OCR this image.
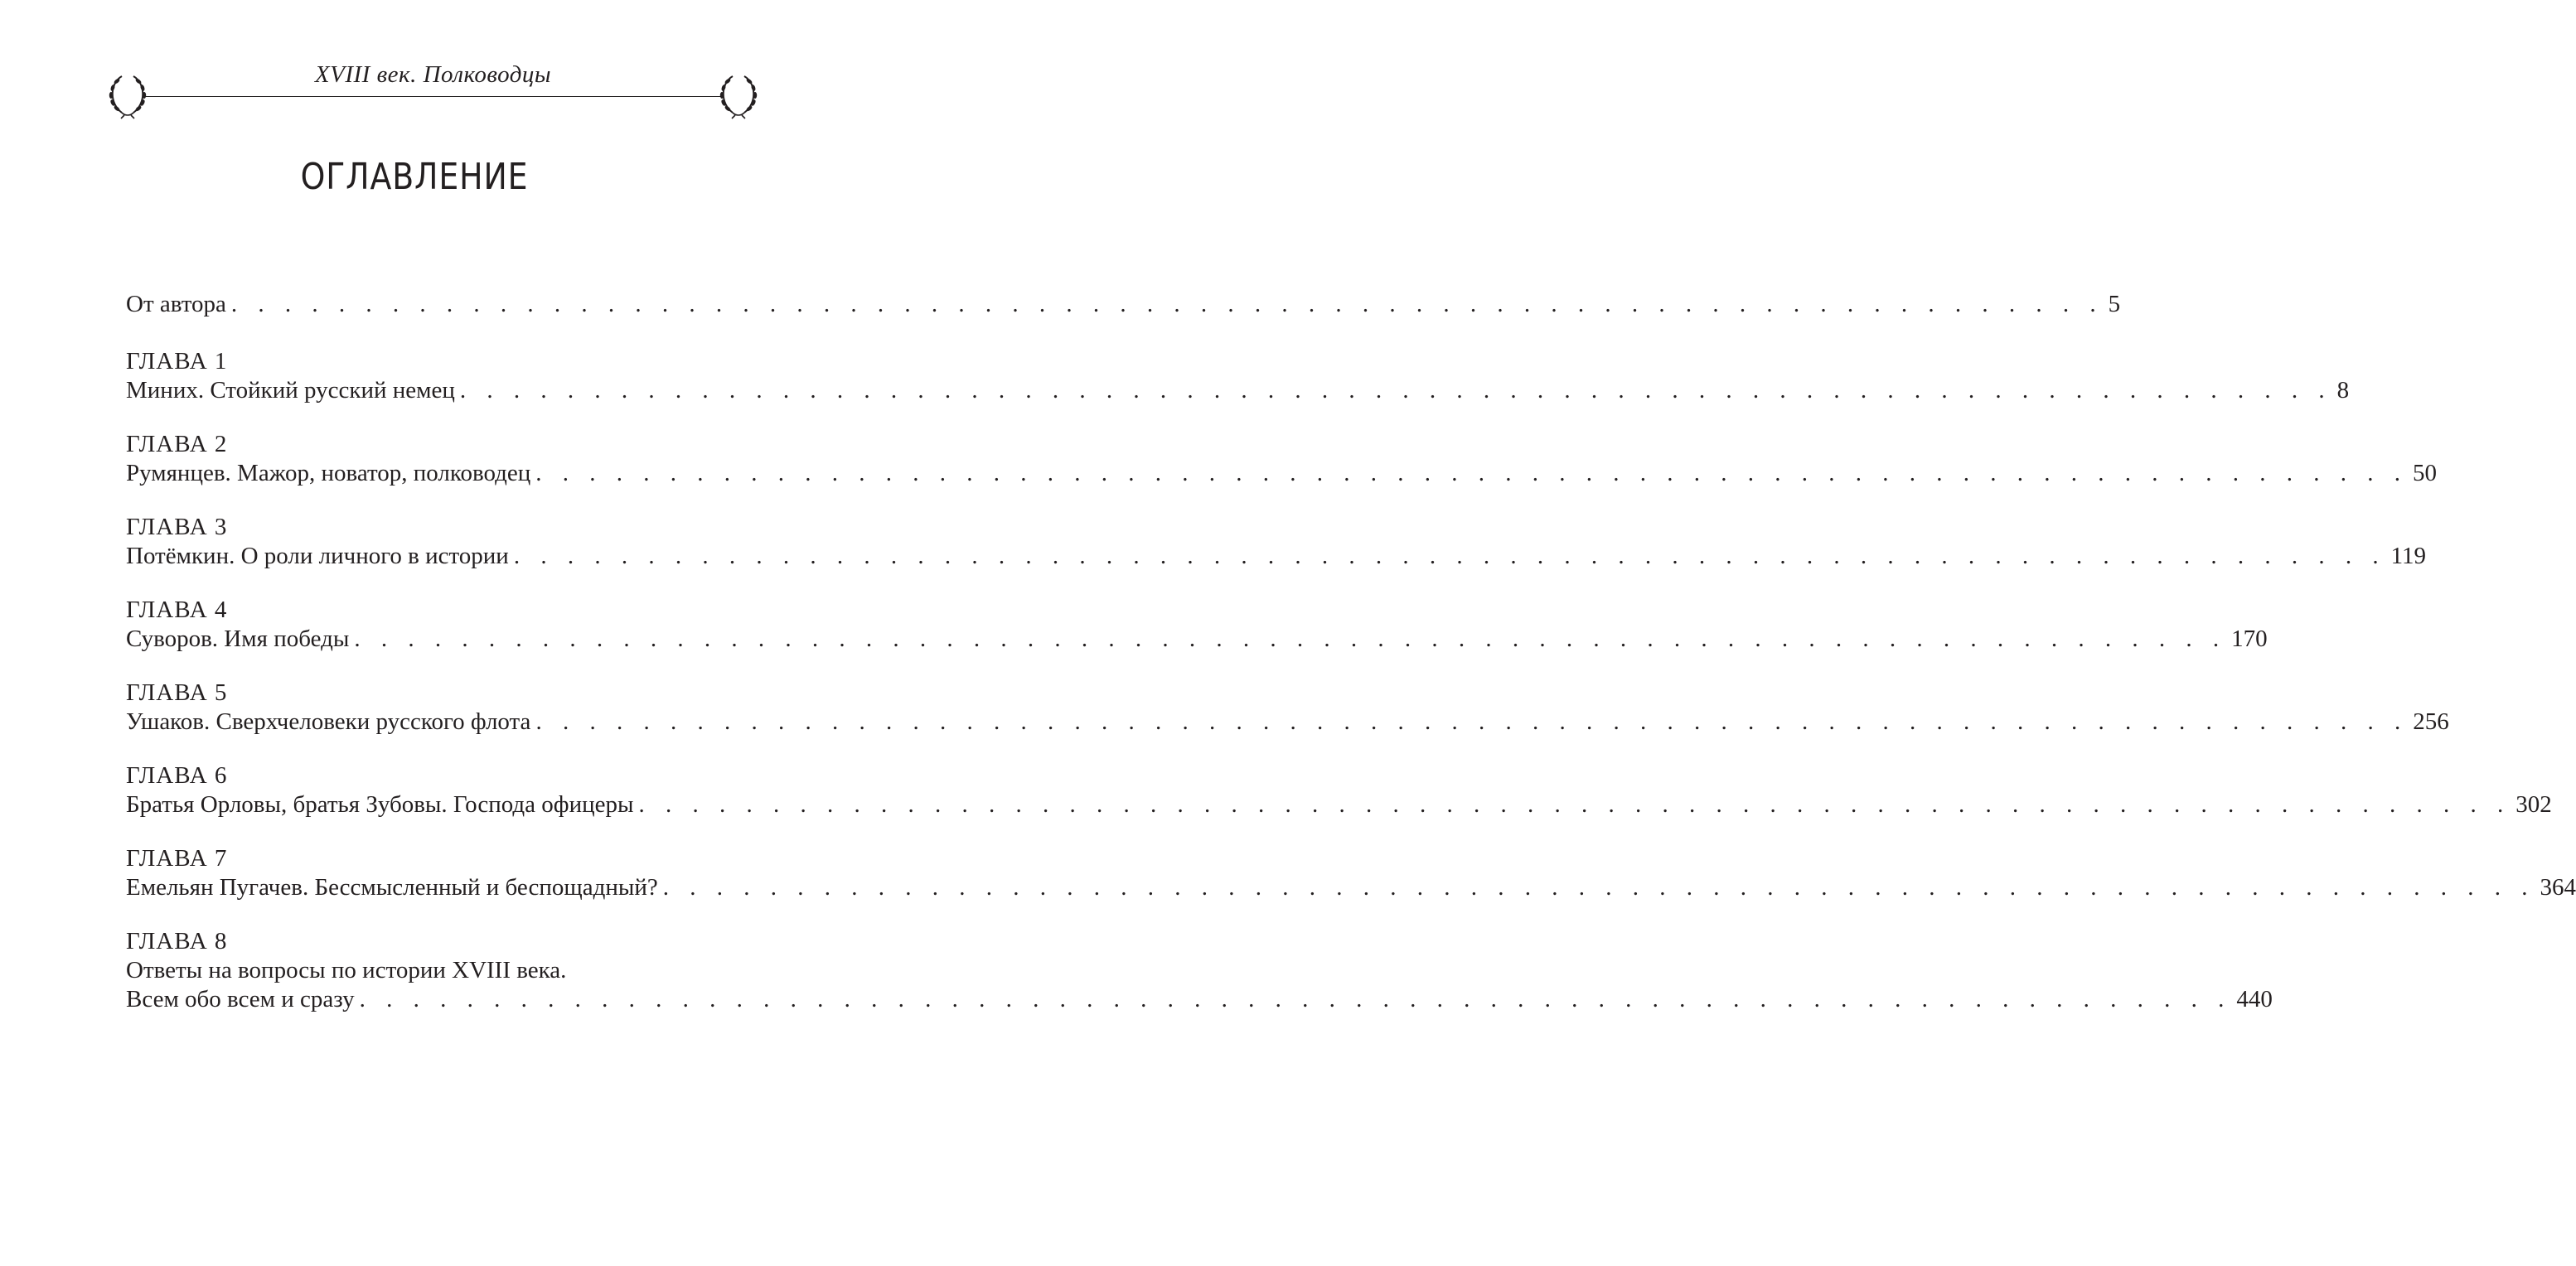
XVIII век. Полководцы
ОГЛАВЛЕНИЕ
От автора . . . . . . . . . . . . . . . . . . . . . . . . . . . . . . . . . . . . . . . . . . . . . . . . . . . . . . . . . . . . . . . . . . . . . . 5
ГЛАВА 1
Миних. Стойкий русский немец . . . . . . . . . . . . . . . . . . . . . . . . . . . . . . . . . . . . . . . . . . . . . . . . . . . . . . . . . . . . . . . . . . . . . . 8
ГЛАВА 2
Румянцев. Мажор, новатор, полководец . . . . . . . . . . . . . . . . . . . . . . . . . . . . . . . . . . . . . . . . . . . . . . . . . . . . . . . . . . . . . . . . . . . . . . 50
ГЛАВА 3
Потёмкин. О роли личного в истории . . . . . . . . . . . . . . . . . . . . . . . . . . . . . . . . . . . . . . . . . . . . . . . . . . . . . . . . . . . . . . . . . . . . . . 119
ГЛАВА 4
Суворов. Имя победы . . . . . . . . . . . . . . . . . . . . . . . . . . . . . . . . . . . . . . . . . . . . . . . . . . . . . . . . . . . . . . . . . . . . . . 170
ГЛАВА 5
Ушаков. Сверхчеловеки русского флота . . . . . . . . . . . . . . . . . . . . . . . . . . . . . . . . . . . . . . . . . . . . . . . . . . . . . . . . . . . . . . . . . . . . . . 256
ГЛАВА 6
Братья Орловы, братья Зубовы. Господа офицеры . . . . . . . . . . . . . . . . . . . . . . . . . . . . . . . . . . . . . . . . . . . . . . . . . . . . . . . . . . . . . . . . . . . . . . 302
ГЛАВА 7
Емельян Пугачев. Бессмысленный и беспощадный? . . . . . . . . . . . . . . . . . . . . . . . . . . . . . . . . . . . . . . . . . . . . . . . . . . . . . . . . . . . . . . . . . . . . . . 364
ГЛАВА 8
Ответы на вопросы по истории XVIII века.
Всем обо всем и сразу . . . . . . . . . . . . . . . . . . . . . . . . . . . . . . . . . . . . . . . . . . . . . . . . . . . . . . . . . . . . . . . . . . . . . . 440
